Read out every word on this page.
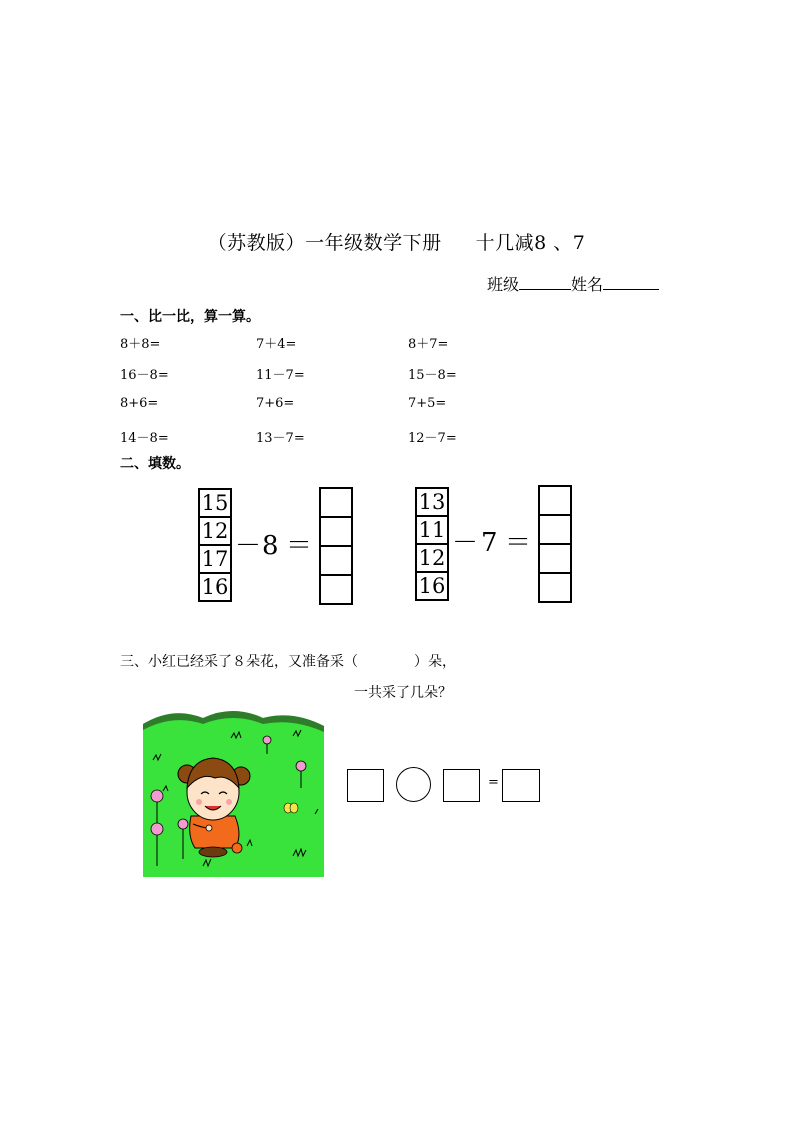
（苏教版）一年级数学下册 十几减8 、7
班级	姓名
一、比一比，算一算。
8＋8=	7＋4=	8＋7=
16－8=	11－7=	15－8=
8+6=	7+6=	7+5=
14－8=	13－7=	12－7=
二、填数。
15
12
17
16
－ 8 ＝
13
11
12
16
－ 7 ＝
三、小红已经采了８朵花，又准备采（　　　　）朵，
一共采了几朵？
=
